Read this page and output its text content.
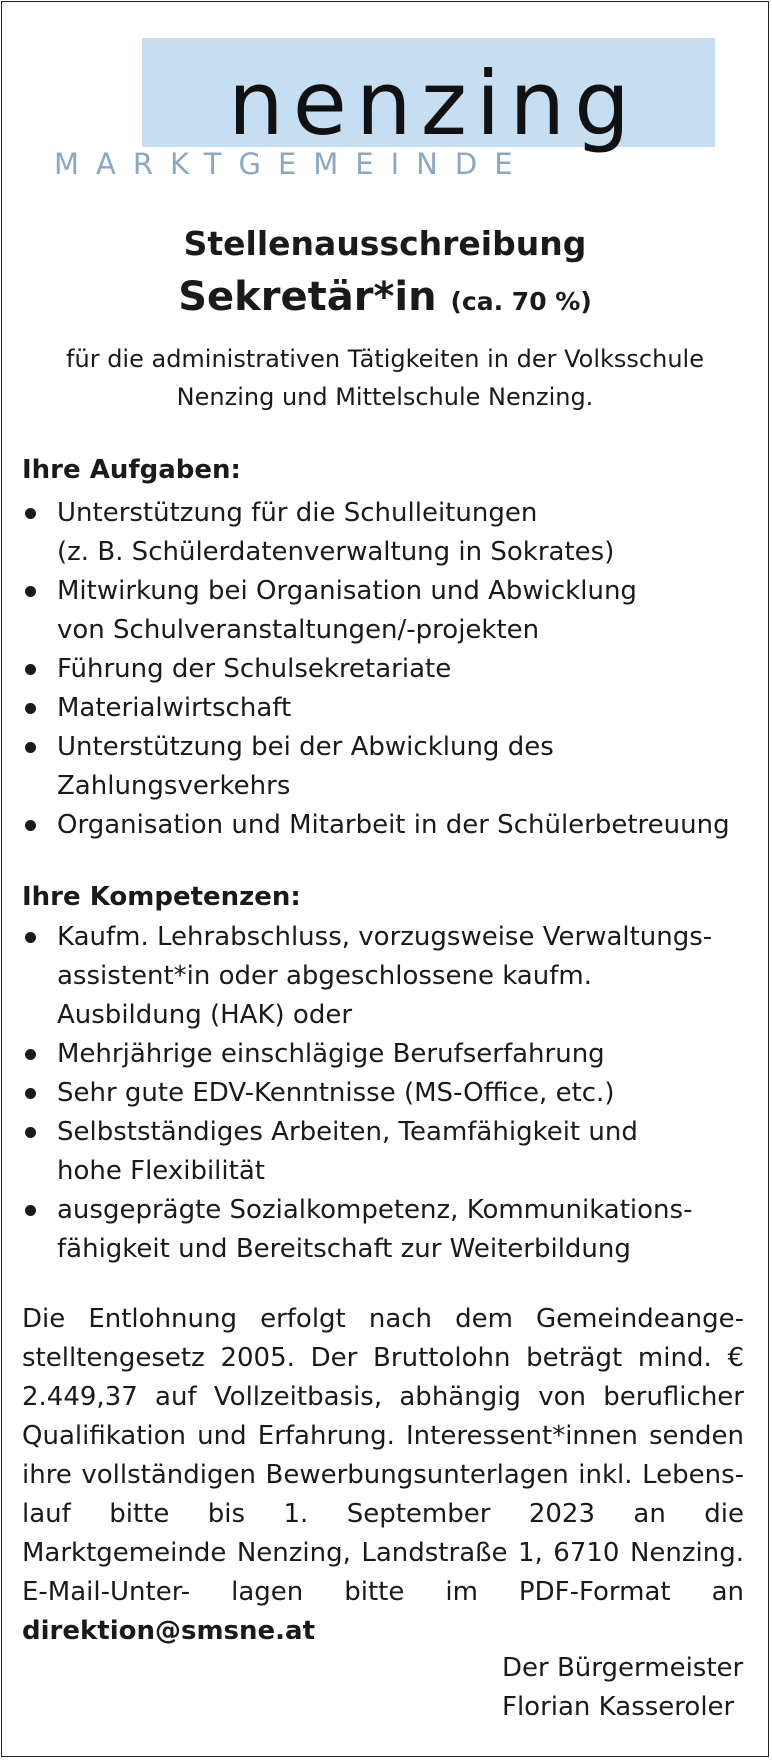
nenzing
MARKTGEMEINDE
Stellenausschreibung
Sekretär*in (ca. 70 %)
für die administrativen Tätigkeiten in der Volksschule
Nenzing und Mittelschule Nenzing.
Ihre Aufgaben:
Unterstützung für die Schulleitungen
(z. B. Schülerdatenverwaltung in Sokrates)
Mitwirkung bei Organisation und Abwicklung
von Schulveranstaltungen/-projekten
Führung der Schulsekretariate
Materialwirtschaft
Unterstützung bei der Abwicklung des
Zahlungsverkehrs
Organisation und Mitarbeit in der Schülerbetreuung
Ihre Kompetenzen:
Kaufm. Lehrabschluss, vorzugsweise Verwaltungs-
assistent*in oder abgeschlossene kaufm.
Ausbildung (HAK) oder
Mehrjährige einschlägige Berufserfahrung
Sehr gute EDV-Kenntnisse (MS-Office, etc.)
Selbstständiges Arbeiten, Teamfähigkeit und
hohe Flexibilität
ausgeprägte Sozialkompetenz, Kommunikations-
fähigkeit und Bereitschaft zur Weiterbildung
Die Entlohnung erfolgt nach dem Gemeindeange- stelltengesetz 2005. Der Bruttolohn beträgt mind. € 2.449,37 auf Vollzeitbasis, abhängig von beruflicher Qualifikation und Erfahrung. Interessent*innen senden ihre vollständigen Bewerbungsunterlagen inkl. Lebens- lauf bitte bis 1. September 2023 an die Marktgemeinde Nenzing, Landstraße 1, 6710 Nenzing. E-Mail-Unter- lagen bitte im PDF-Format an direktion@smsne.at
Der Bürgermeister
Florian Kasseroler
